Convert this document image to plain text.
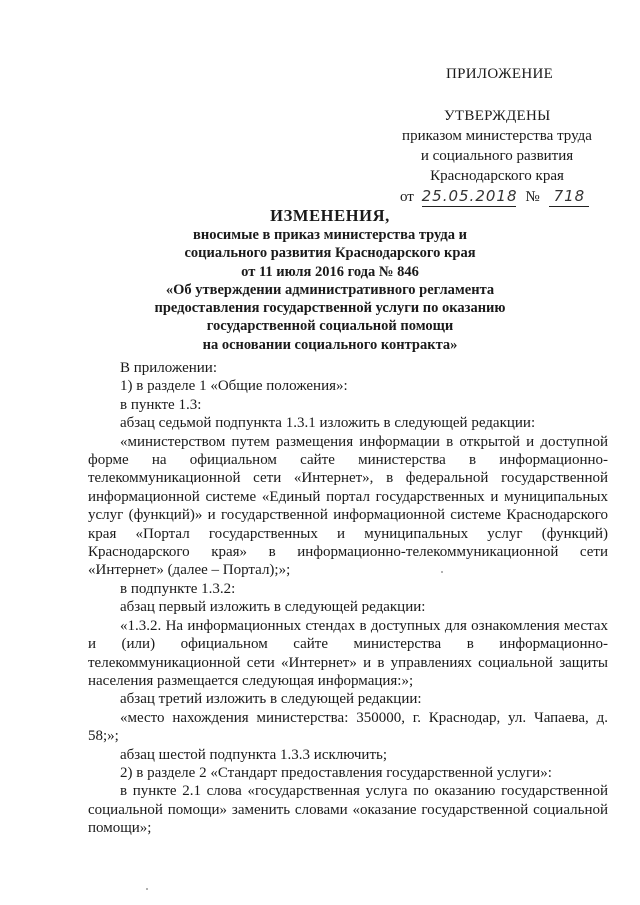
ПРИЛОЖЕНИЕ
УТВЕРЖДЕНЫ
приказом министерства труда
и социального развития
Краснодарского края
от 25.05.2018 № 718
ИЗМЕНЕНИЯ,
вносимые в приказ министерства труда и
социального развития Краснодарского края
от 11 июля 2016 года № 846
«Об утверждении административного регламента
предоставления государственной услуги по оказанию
государственной социальной помощи
на основании социального контракта»

В приложении:

1) в разделе 1 «Общие положения»:

в пункте 1.3:

абзац седьмой подпункта 1.3.1 изложить в следующей редакции:

«министерством путем размещения информации в открытой и доступной форме на официальном сайте министерства в информационно-телекоммуникационной сети «Интернет», в федеральной государственной информационной системе «Единый портал государственных и муниципальных услуг (функций)» и государственной информационной системе Краснодарского края «Портал государственных и муниципальных услуг (функций) Краснодарского края» в информационно-телекоммуникационной сети «Интернет» (далее – Портал);»;

в подпункте 1.3.2:

абзац первый изложить в следующей редакции:

«1.3.2. На информационных стендах в доступных для ознакомления местах и (или) официальном сайте министерства в информационно-телекоммуникационной сети «Интернет» и в управлениях социальной защиты населения размещается следующая информация:»;

абзац третий изложить в следующей редакции:

«место нахождения министерства: 350000, г. Краснодар, ул. Чапаева, д. 58;»;

абзац шестой подпункта 1.3.3 исключить;

2) в разделе 2 «Стандарт предоставления государственной услуги»:

в пункте 2.1 слова «государственная услуга по оказанию государственной социальной помощи» заменить словами «оказание государственной социальной помощи»;
